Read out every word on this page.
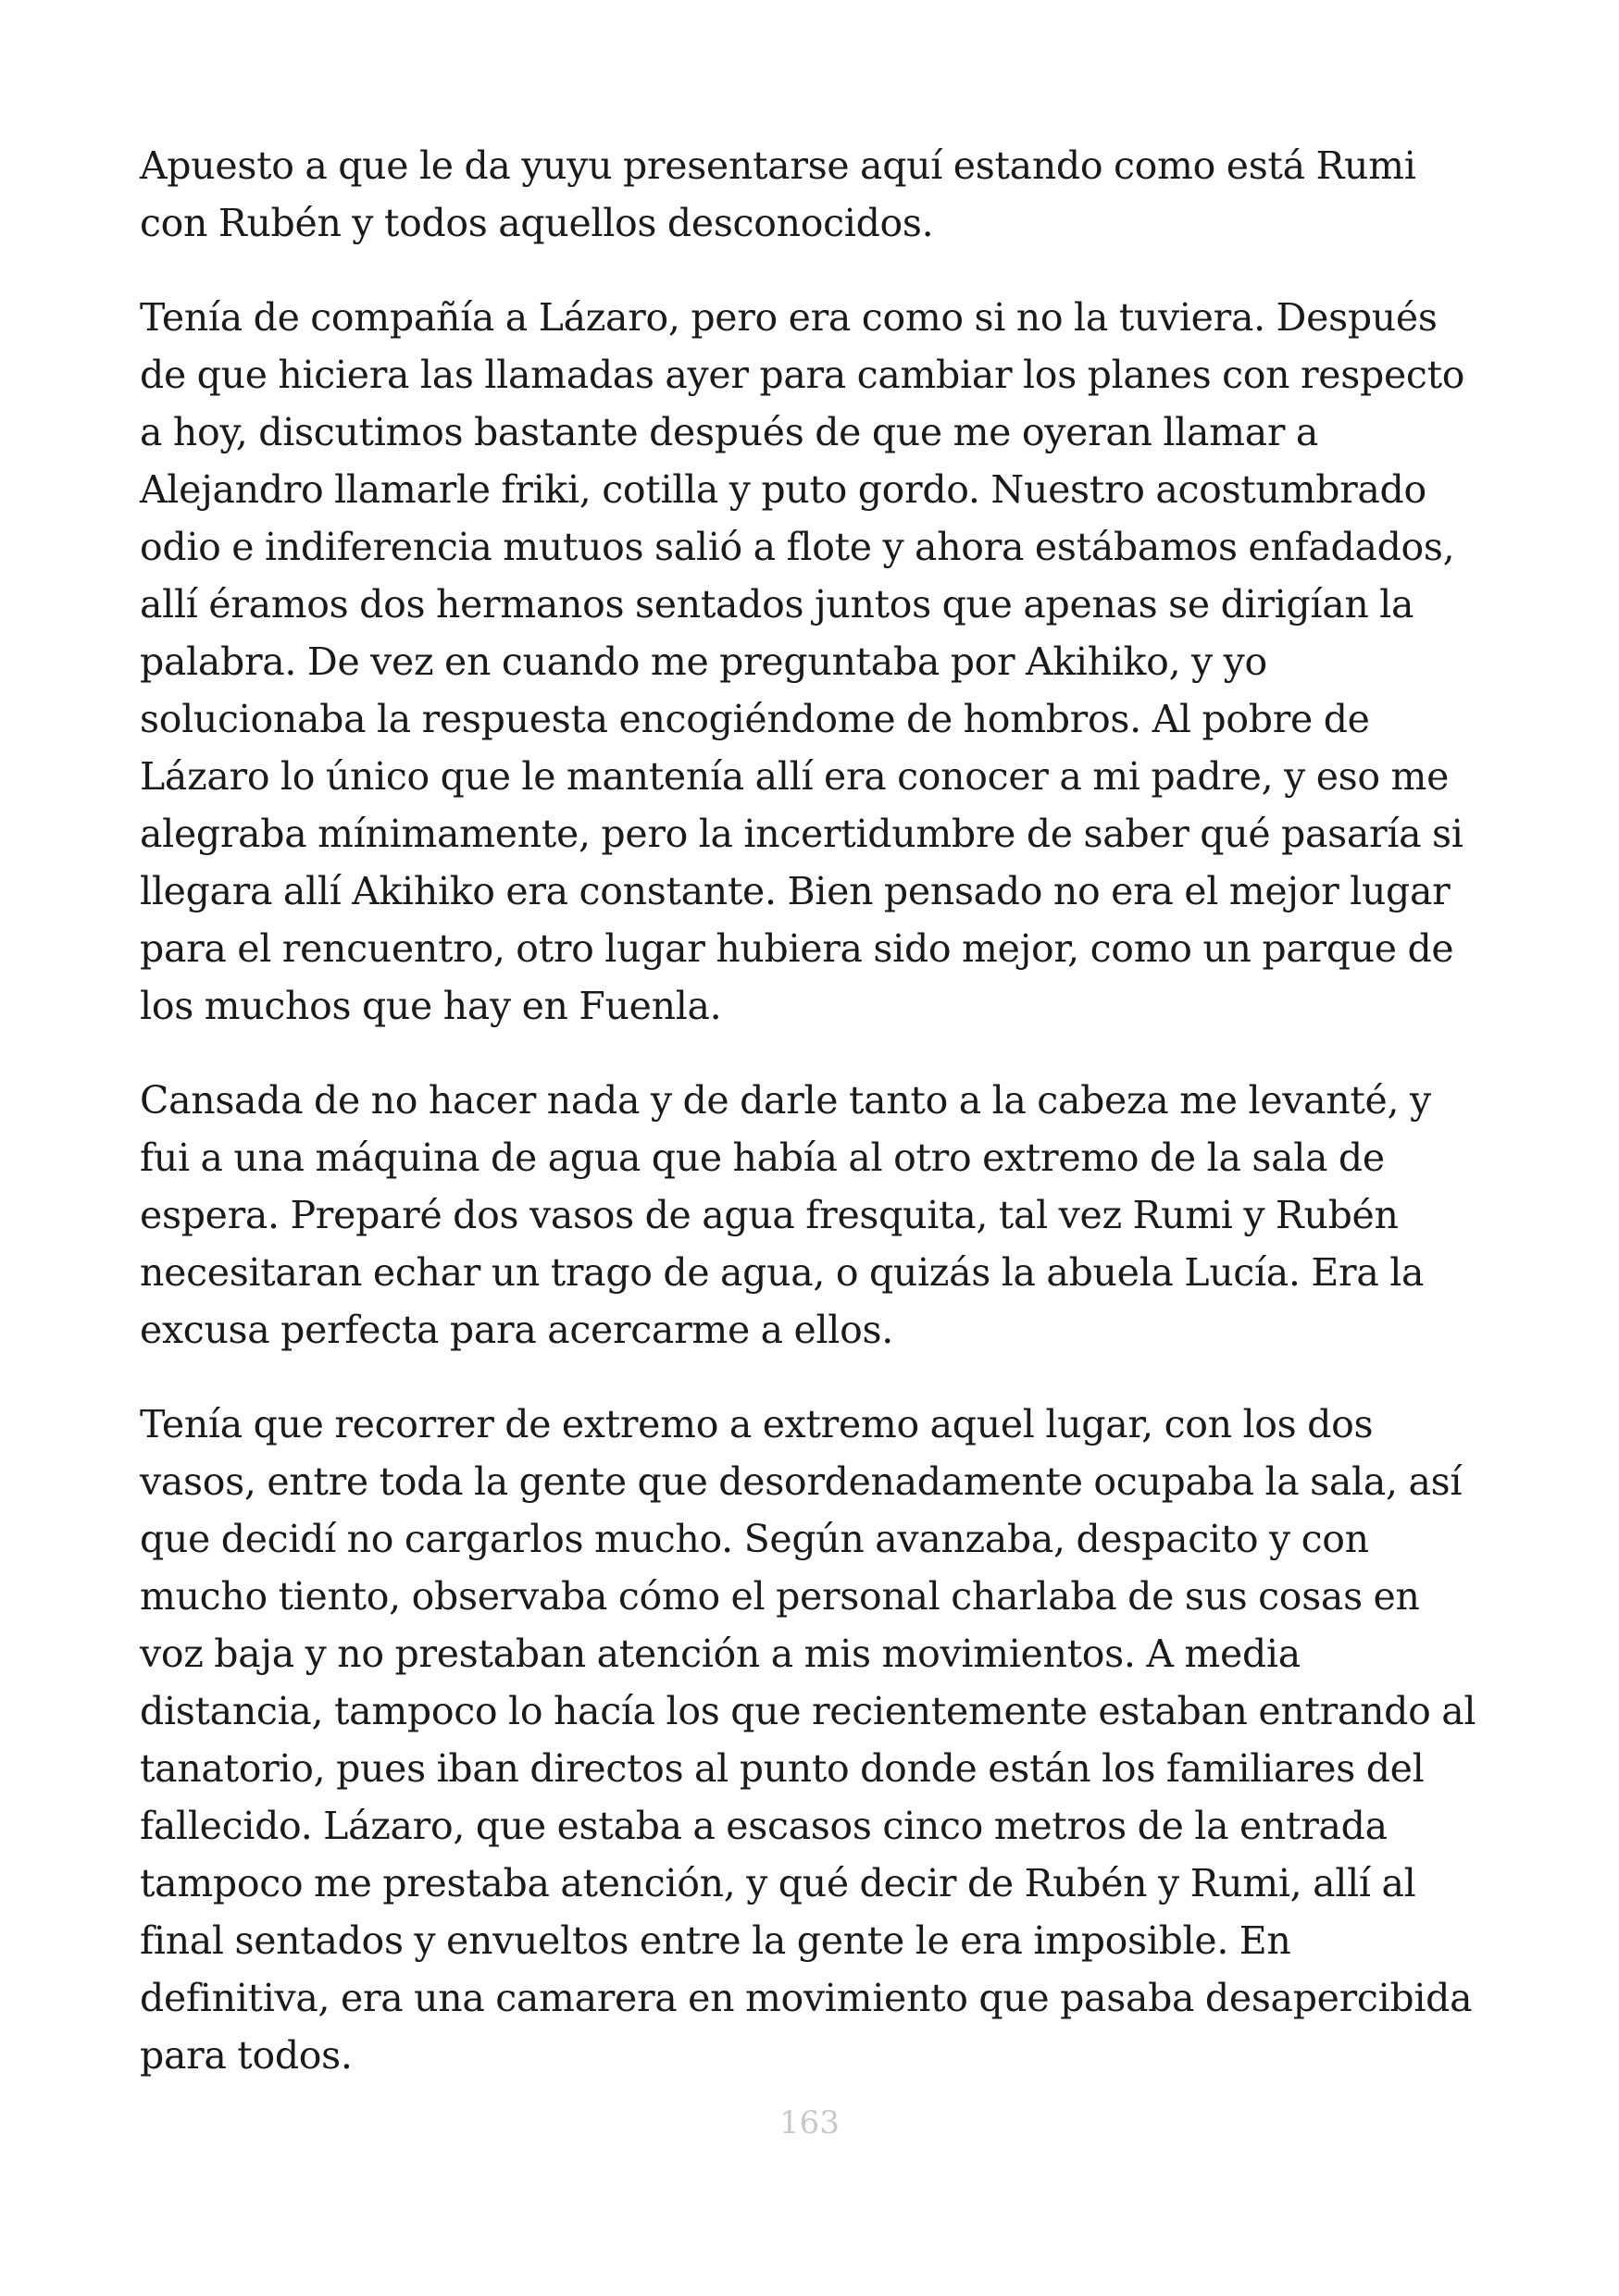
Apuesto a que le da yuyu presentarse aquí estando como está Rumi con Rubén y todos aquellos desconocidos.

Tenía de compañía a Lázaro, pero era como si no la tuviera. Después de que hiciera las llamadas ayer para cambiar los planes con respecto a hoy, discutimos bastante después de que me oyeran llamar a Alejandro llamarle friki, cotilla y puto gordo. Nuestro acostumbrado odio e indiferencia mutuos salió a flote y ahora estábamos enfadados, allí éramos dos hermanos sentados juntos que apenas se dirigían la palabra. De vez en cuando me preguntaba por Akihiko, y yo solucionaba la respuesta encogiéndome de hombros. Al pobre de Lázaro lo único que le mantenía allí era conocer a mi padre, y eso me alegraba mínimamente, pero la incertidumbre de saber qué pasaría si llegara allí Akihiko era constante. Bien pensado no era el mejor lugar para el rencuentro, otro lugar hubiera sido mejor, como un parque de los muchos que hay en Fuenla.

Cansada de no hacer nada y de darle tanto a la cabeza me levanté, y fui a una máquina de agua que había al otro extremo de la sala de espera. Preparé dos vasos de agua fresquita, tal vez Rumi y Rubén necesitaran echar un trago de agua, o quizás la abuela Lucía. Era la excusa perfecta para acercarme a ellos.

Tenía que recorrer de extremo a extremo aquel lugar, con los dos vasos, entre toda la gente que desordenadamente ocupaba la sala, así que decidí no cargarlos mucho. Según avanzaba, despacito y con mucho tiento, observaba cómo el personal charlaba de sus cosas en voz baja y no prestaban atención a mis movimientos. A media distancia, tampoco lo hacía los que recientemente estaban entrando al tanatorio, pues iban directos al punto donde están los familiares del fallecido. Lázaro, que estaba a escasos cinco metros de la entrada tampoco me prestaba atención, y qué decir de Rubén y Rumi, allí al final sentados y envueltos entre la gente le era imposible. En definitiva, era una camarera en movimiento que pasaba desapercibida para todos.

163
